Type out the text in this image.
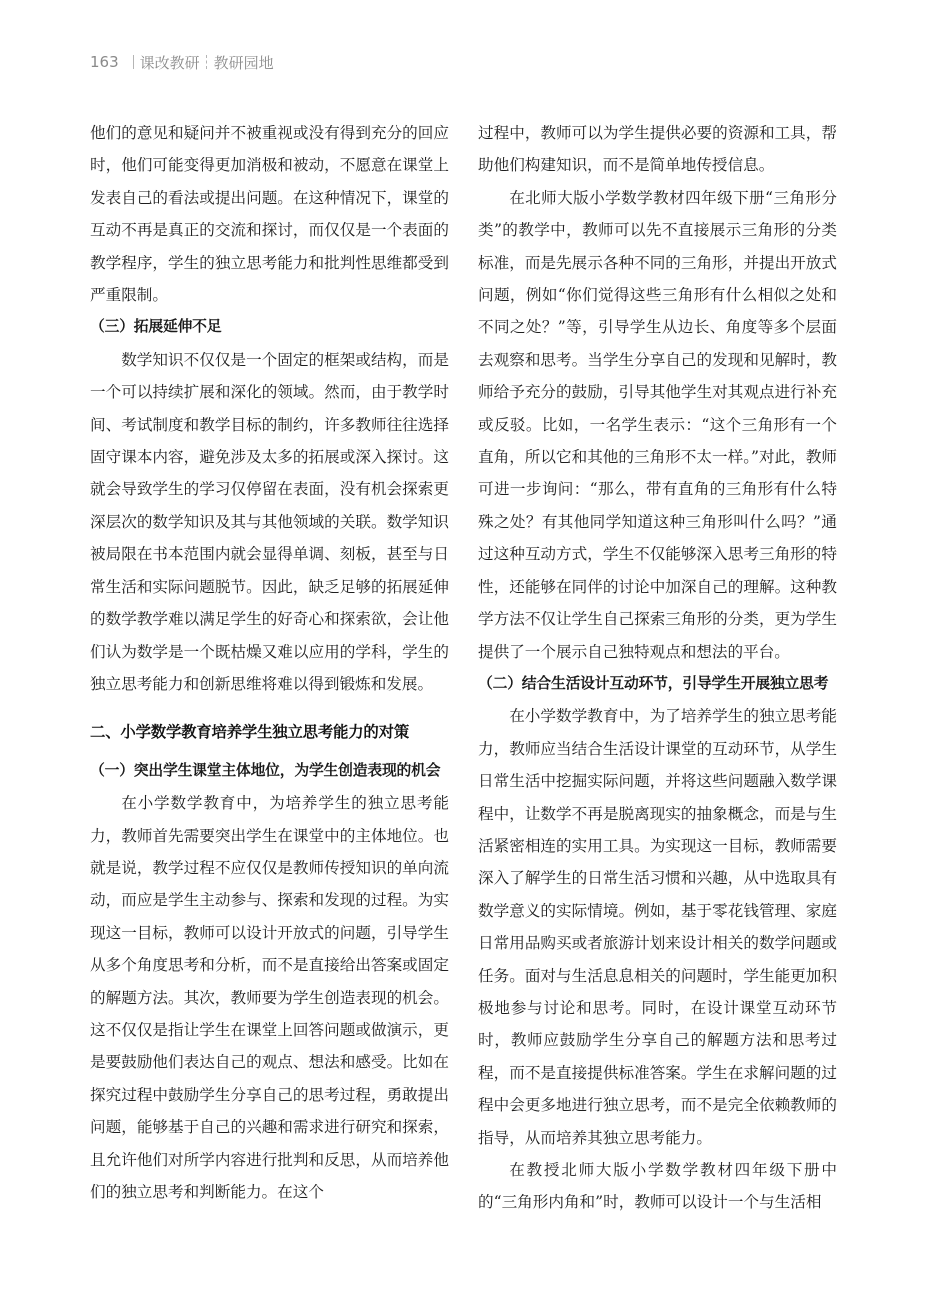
163 课改教研 教研园地

他们的意见和疑问并不被重视或没有得到充分的回应时，他们可能变得更加消极和被动，不愿意在课堂上发表自己的看法或提出问题。在这种情况下，课堂的互动不再是真正的交流和探讨，而仅仅是一个表面的教学程序，学生的独立思考能力和批判性思维都受到严重限制。

（三）拓展延伸不足

数学知识不仅仅是一个固定的框架或结构，而是一个可以持续扩展和深化的领域。然而，由于教学时间、考试制度和教学目标的制约，许多教师往往选择固守课本内容，避免涉及太多的拓展或深入探讨。这就会导致学生的学习仅停留在表面，没有机会探索更深层次的数学知识及其与其他领域的关联。数学知识被局限在书本范围内就会显得单调、刻板，甚至与日常生活和实际问题脱节。因此，缺乏足够的拓展延伸的数学教学难以满足学生的好奇心和探索欲，会让他们认为数学是一个既枯燥又难以应用的学科，学生的独立思考能力和创新思维将难以得到锻炼和发展。

二、小学数学教育培养学生独立思考能力的对策

（一）突出学生课堂主体地位，为学生创造表现的机会

在小学数学教育中，为培养学生的独立思考能力，教师首先需要突出学生在课堂中的主体地位。也就是说，教学过程不应仅仅是教师传授知识的单向流动，而应是学生主动参与、探索和发现的过程。为实现这一目标，教师可以设计开放式的问题，引导学生从多个角度思考和分析，而不是直接给出答案或固定的解题方法。其次，教师要为学生创造表现的机会。这不仅仅是指让学生在课堂上回答问题或做演示，更是要鼓励他们表达自己的观点、想法和感受。比如在探究过程中鼓励学生分享自己的思考过程，勇敢提出问题，能够基于自己的兴趣和需求进行研究和探索，且允许他们对所学内容进行批判和反思，从而培养他们的独立思考和判断能力。在这个

过程中，教师可以为学生提供必要的资源和工具，帮助他们构建知识，而不是简单地传授信息。

在北师大版小学数学教材四年级下册“三角形分类”的教学中，教师可以先不直接展示三角形的分类标准，而是先展示各种不同的三角形，并提出开放式问题，例如“你们觉得这些三角形有什么相似之处和不同之处？”等，引导学生从边长、角度等多个层面去观察和思考。当学生分享自己的发现和见解时，教师给予充分的鼓励，引导其他学生对其观点进行补充或反驳。比如，一名学生表示：“这个三角形有一个直角，所以它和其他的三角形不太一样。”对此，教师可进一步询问：“那么，带有直角的三角形有什么特殊之处？有其他同学知道这种三角形叫什么吗？”通过这种互动方式，学生不仅能够深入思考三角形的特性，还能够在同伴的讨论中加深自己的理解。这种教学方法不仅让学生自己探索三角形的分类，更为学生提供了一个展示自己独特观点和想法的平台。

（二）结合生活设计互动环节，引导学生开展独立思考

在小学数学教育中，为了培养学生的独立思考能力，教师应当结合生活设计课堂的互动环节，从学生日常生活中挖掘实际问题，并将这些问题融入数学课程中，让数学不再是脱离现实的抽象概念，而是与生活紧密相连的实用工具。为实现这一目标，教师需要深入了解学生的日常生活习惯和兴趣，从中选取具有数学意义的实际情境。例如，基于零花钱管理、家庭日常用品购买或者旅游计划来设计相关的数学问题或任务。面对与生活息息相关的问题时，学生能更加积极地参与讨论和思考。同时，在设计课堂互动环节时，教师应鼓励学生分享自己的解题方法和思考过程，而不是直接提供标准答案。学生在求解问题的过程中会更多地进行独立思考，而不是完全依赖教师的指导，从而培养其独立思考能力。

在教授北师大版小学数学教材四年级下册中的“三角形内角和”时，教师可以设计一个与生活相
